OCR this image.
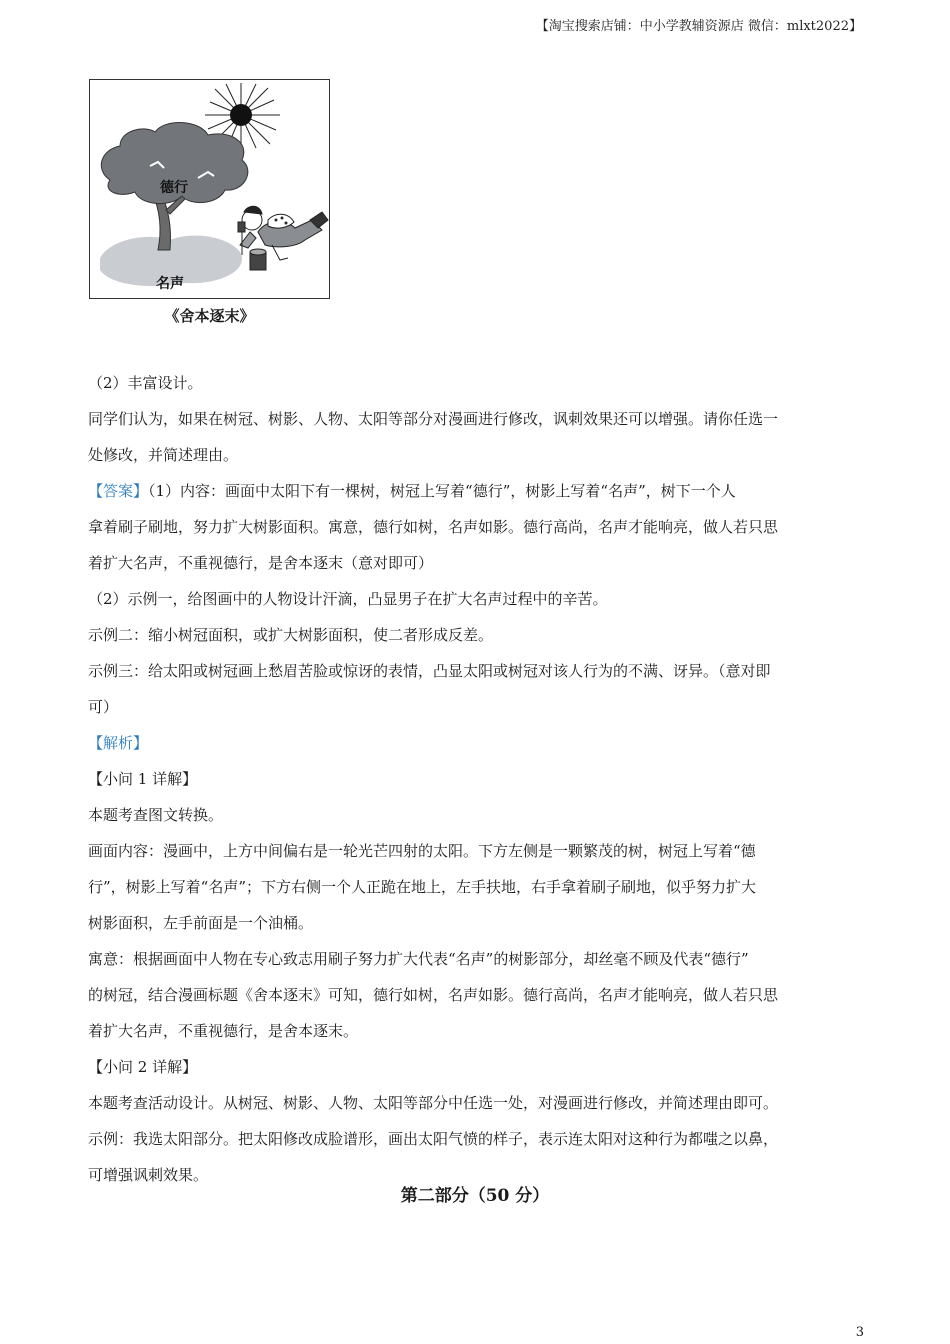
【淘宝搜索店铺：中小学教辅资源店 微信：mlxt2022】
德行
名声
《舍本逐末》
（2）丰富设计。
同学们认为，如果在树冠、树影、人物、太阳等部分对漫画进行修改，讽刺效果还可以增强。请你任选一
处修改，并简述理由。
【答案】（1）内容：画面中太阳下有一棵树，树冠上写着“德行”，树影上写着“名声”，树下一个人
拿着刷子刷地，努力扩大树影面积。寓意，德行如树，名声如影。德行高尚，名声才能响亮，做人若只思
着扩大名声，不重视德行，是舍本逐末（意对即可）
（2）示例一，给图画中的人物设计汗滴，凸显男子在扩大名声过程中的辛苦。
示例二：缩小树冠面积，或扩大树影面积，使二者形成反差。
示例三：给太阳或树冠画上愁眉苦脸或惊讶的表情，凸显太阳或树冠对该人行为的不满、讶异。（意对即
可）
【解析】
【小问 1 详解】
本题考查图文转换。
画面内容：漫画中，上方中间偏右是一轮光芒四射的太阳。下方左侧是一颗繁茂的树，树冠上写着“德
行”，树影上写着“名声”；下方右侧一个人正跪在地上，左手扶地，右手拿着刷子刷地，似乎努力扩大
树影面积，左手前面是一个油桶。
寓意：根据画面中人物在专心致志用刷子努力扩大代表“名声”的树影部分，却丝毫不顾及代表“德行”
的树冠，结合漫画标题《舍本逐末》可知，德行如树，名声如影。德行高尚，名声才能响亮，做人若只思
着扩大名声，不重视德行，是舍本逐末。
【小问 2 详解】
本题考查活动设计。从树冠、树影、人物、太阳等部分中任选一处，对漫画进行修改，并简述理由即可。
示例：我选太阳部分。把太阳修改成脸谱形，画出太阳气愤的样子，表示连太阳对这种行为都嗤之以鼻，
可增强讽刺效果。
第二部分（50 分）
3
